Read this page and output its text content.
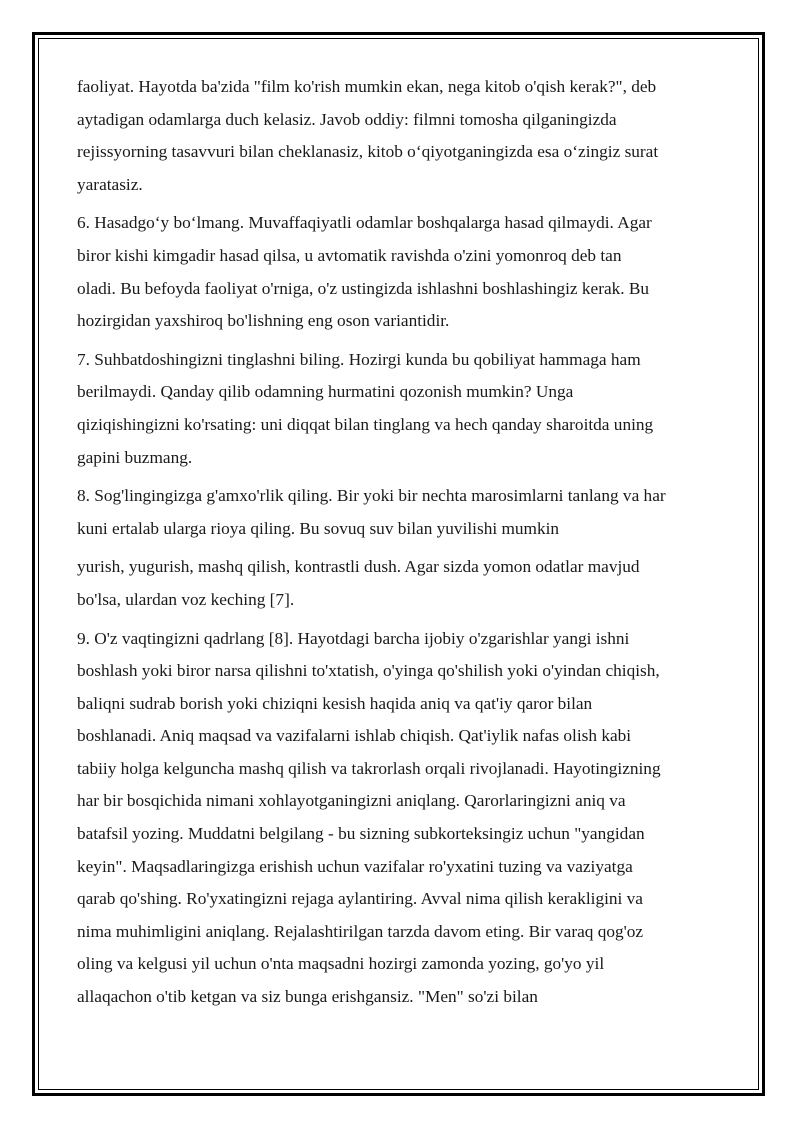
faoliyat. Hayotda ba'zida "film ko'rish mumkin ekan, nega kitob o'qish kerak?", deb
aytadigan odamlarga duch kelasiz. Javob oddiy: filmni tomosha qilganingizda
rejissyorning tasavvuri bilan cheklanasiz, kitob o‘qiyotganingizda esa o‘zingiz surat
yaratasiz.
6. Hasadgo‘y bo‘lmang. Muvaffaqiyatli odamlar boshqalarga hasad qilmaydi. Agar
biror kishi kimgadir hasad qilsa, u avtomatik ravishda o'zini yomonroq deb tan
oladi. Bu befoyda faoliyat o'rniga, o'z ustingizda ishlashni boshlashingiz kerak. Bu
hozirgidan yaxshiroq bo'lishning eng oson variantidir.
7. Suhbatdoshingizni tinglashni biling. Hozirgi kunda bu qobiliyat hammaga ham
berilmaydi. Qanday qilib odamning hurmatini qozonish mumkin? Unga
qiziqishingizni ko'rsating: uni diqqat bilan tinglang va hech qanday sharoitda uning
gapini buzmang.
8. Sog'lingingizga g'amxo'rlik qiling. Bir yoki bir nechta marosimlarni tanlang va har
kuni ertalab ularga rioya qiling. Bu sovuq suv bilan yuvilishi mumkin
yurish, yugurish, mashq qilish, kontrastli dush. Agar sizda yomon odatlar mavjud
bo'lsa, ulardan voz keching [7].
9. O'z vaqtingizni qadrlang [8]. Hayotdagi barcha ijobiy o'zgarishlar yangi ishni
boshlash yoki biror narsa qilishni to'xtatish, o'yinga qo'shilish yoki o'yindan chiqish,
baliqni sudrab borish yoki chiziqni kesish haqida aniq va qat'iy qaror bilan
boshlanadi. Aniq maqsad va vazifalarni ishlab chiqish. Qat'iylik nafas olish kabi
tabiiy holga kelguncha mashq qilish va takrorlash orqali rivojlanadi. Hayotingizning
har bir bosqichida nimani xohlayotganingizni aniqlang. Qarorlaringizni aniq va
batafsil yozing. Muddatni belgilang - bu sizning subkorteksingiz uchun "yangidan
keyin". Maqsadlaringizga erishish uchun vazifalar ro'yxatini tuzing va vaziyatga
qarab qo'shing. Ro'yxatingizni rejaga aylantiring. Avval nima qilish kerakligini va
nima muhimligini aniqlang. Rejalashtirilgan tarzda davom eting. Bir varaq qog'oz
oling va kelgusi yil uchun o'nta maqsadni hozirgi zamonda yozing, go'yo yil
allaqachon o'tib ketgan va siz bunga erishgansiz. "Men" so'zi bilan
